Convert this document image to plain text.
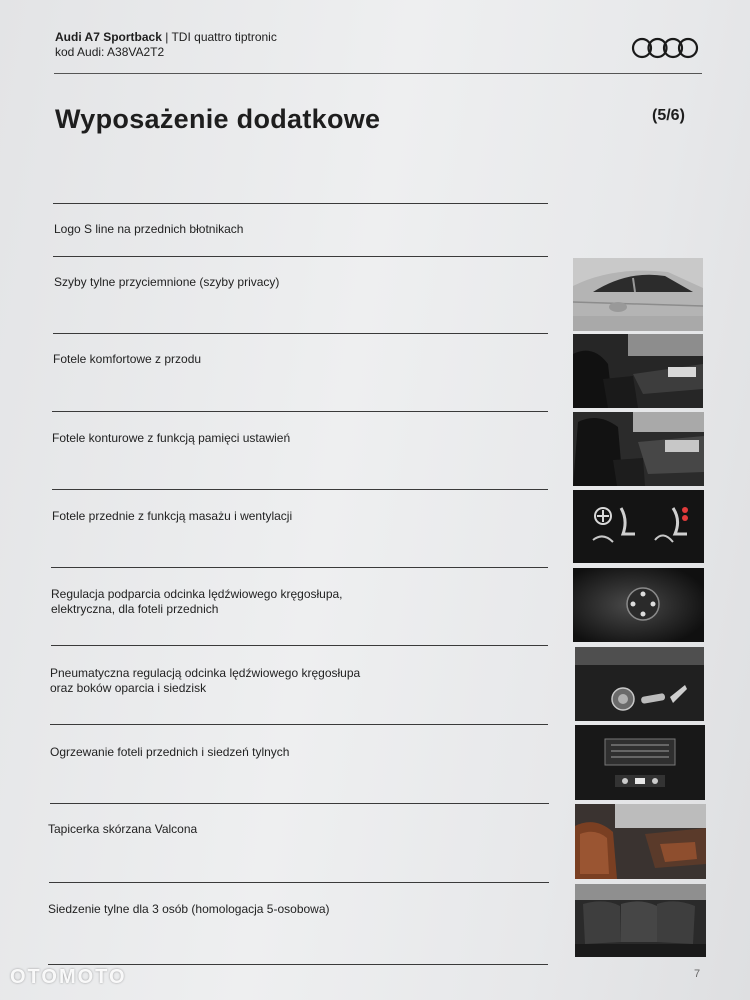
Audi A7 Sportback | TDI quattro tiptronic
kod Audi: A38VA2T2
Wyposażenie dodatkowe	(5/6)
Logo S line na przednich błotnikach
Szyby tylne przyciemnione (szyby privacy)
Fotele komfortowe z przodu
Fotele konturowe z funkcją pamięci ustawień
Fotele przednie z funkcją masażu i wentylacji
Regulacja podparcia odcinka lędźwiowego kręgosłupa,
elektryczna, dla foteli przednich
Pneumatyczna regulacją odcinka lędźwiowego kręgosłupa
oraz boków oparcia i siedzisk
Ogrzewanie foteli przednich i siedzeń tylnych
Tapicerka skórzana Valcona
Siedzenie tylne dla 3 osób (homologacja 5-osobowa)
7
OTOMOTO
